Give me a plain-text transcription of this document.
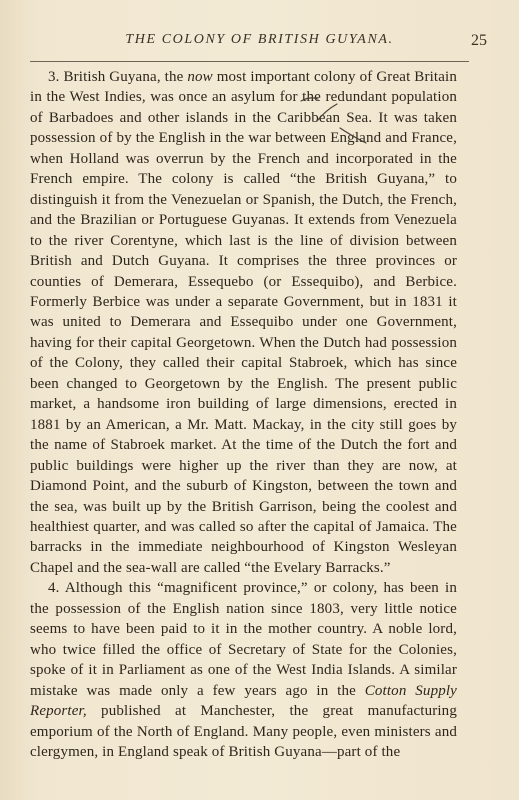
THE COLONY OF BRITISH GUYANA.	25

3. British Guyana, the now most important colony of Great Britain in the West Indies, was once an asylum for the redundant population of Barbadoes and other islands in the Caribbean Sea. It was taken possession of by the English in the war between England and France, when Holland was overrun by the French and incorporated in the French empire. The colony is called “the British Guyana,” to distinguish it from the Venezuelan or Spanish, the Dutch, the French, and the Brazilian or Portuguese Guyanas. It extends from Venezuela to the river Corentyne, which last is the line of division between British and Dutch Guyana. It comprises the three provinces or counties of Demerara, Essequebo (or Essequibo), and Berbice. Formerly Berbice was under a separate Government, but in 1831 it was united to Demerara and Essequibo under one Government, having for their capital Georgetown. When the Dutch had possession of the Colony, they called their capital Stabroek, which has since been changed to Georgetown by the English. The present public market, a handsome iron building of large dimensions, erected in 1881 by an American, a Mr. Matt. Mackay, in the city still goes by the name of Stabroek market. At the time of the Dutch the fort and public buildings were higher up the river than they are now, at Diamond Point, and the suburb of Kingston, between the town and the sea, was built up by the British Garrison, being the coolest and healthiest quarter, and was called so after the capital of Jamaica. The barracks in the immediate neighbourhood of Kingston Wesleyan Chapel and the sea-wall are called “the Evelary Barracks.”

4. Although this “magnificent province,” or colony, has been in the possession of the English nation since 1803, very little notice seems to have been paid to it in the mother country. A noble lord, who twice filled the office of Secretary of State for the Colonies, spoke of it in Parliament as one of the West India Islands. A similar mistake was made only a few years ago in the Cotton Supply Reporter, published at Manchester, the great manufacturing emporium of the North of England. Many people, even ministers and clergymen, in England speak of British Guyana—part of the
